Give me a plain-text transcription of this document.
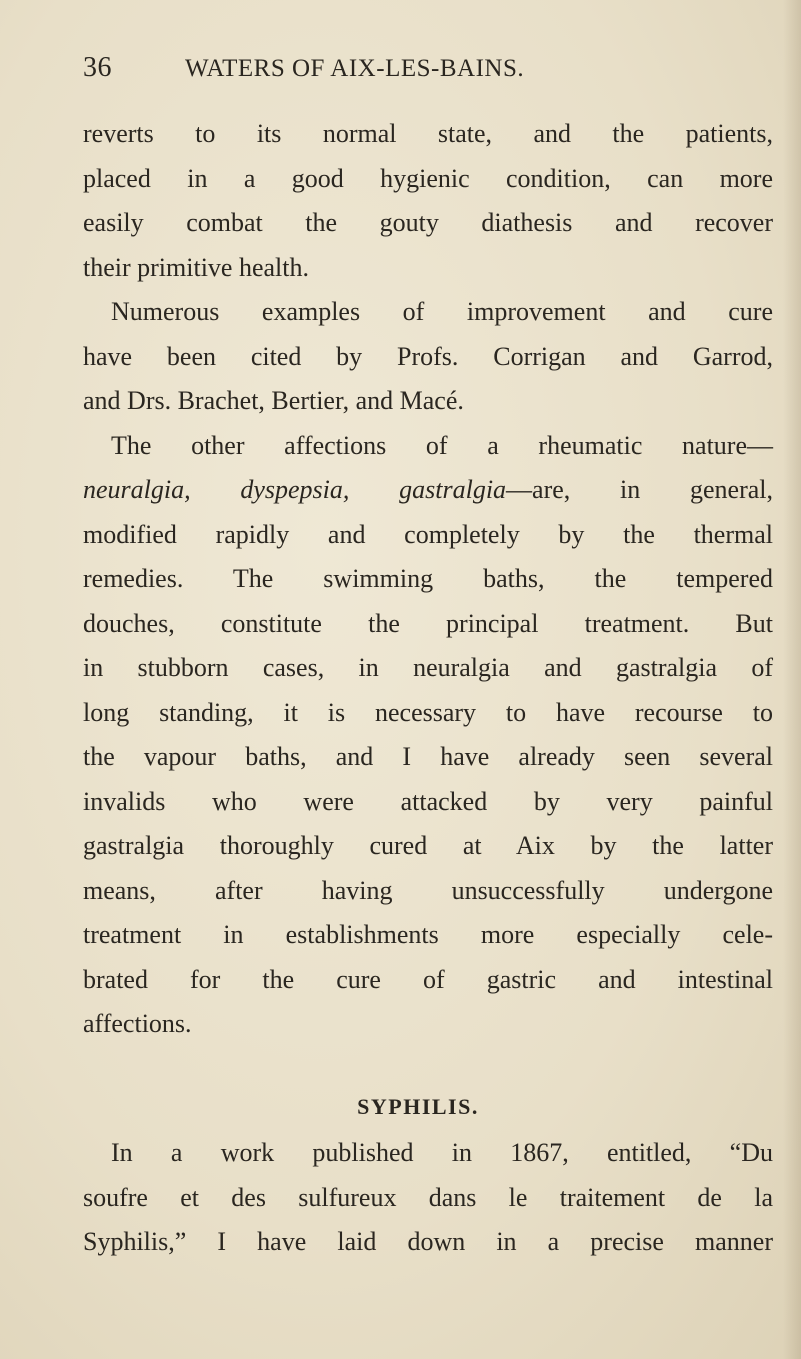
36	WATERS OF AIX-LES-BAINS.
reverts to its normal state, and the patients,
placed in a good hygienic condition, can more
easily combat the gouty diathesis and recover
their primitive health.
Numerous examples of improvement and cure
have been cited by Profs. Corrigan and Garrod,
and Drs. Brachet, Bertier, and Macé.
The other affections of a rheumatic nature—
neuralgia, dyspepsia, gastralgia—are, in general,
modified rapidly and completely by the thermal
remedies. The swimming baths, the tempered
douches, constitute the principal treatment. But
in stubborn cases, in neuralgia and gastralgia of
long standing, it is necessary to have recourse to
the vapour baths, and I have already seen several
invalids who were attacked by very painful
gastralgia thoroughly cured at Aix by the latter
means, after having unsuccessfully undergone
treatment in establishments more especially cele-
brated for the cure of gastric and intestinal
affections.
SYPHILIS.
In a work published in 1867, entitled, “Du
soufre et des sulfureux dans le traitement de la
Syphilis,” I have laid down in a precise manner
